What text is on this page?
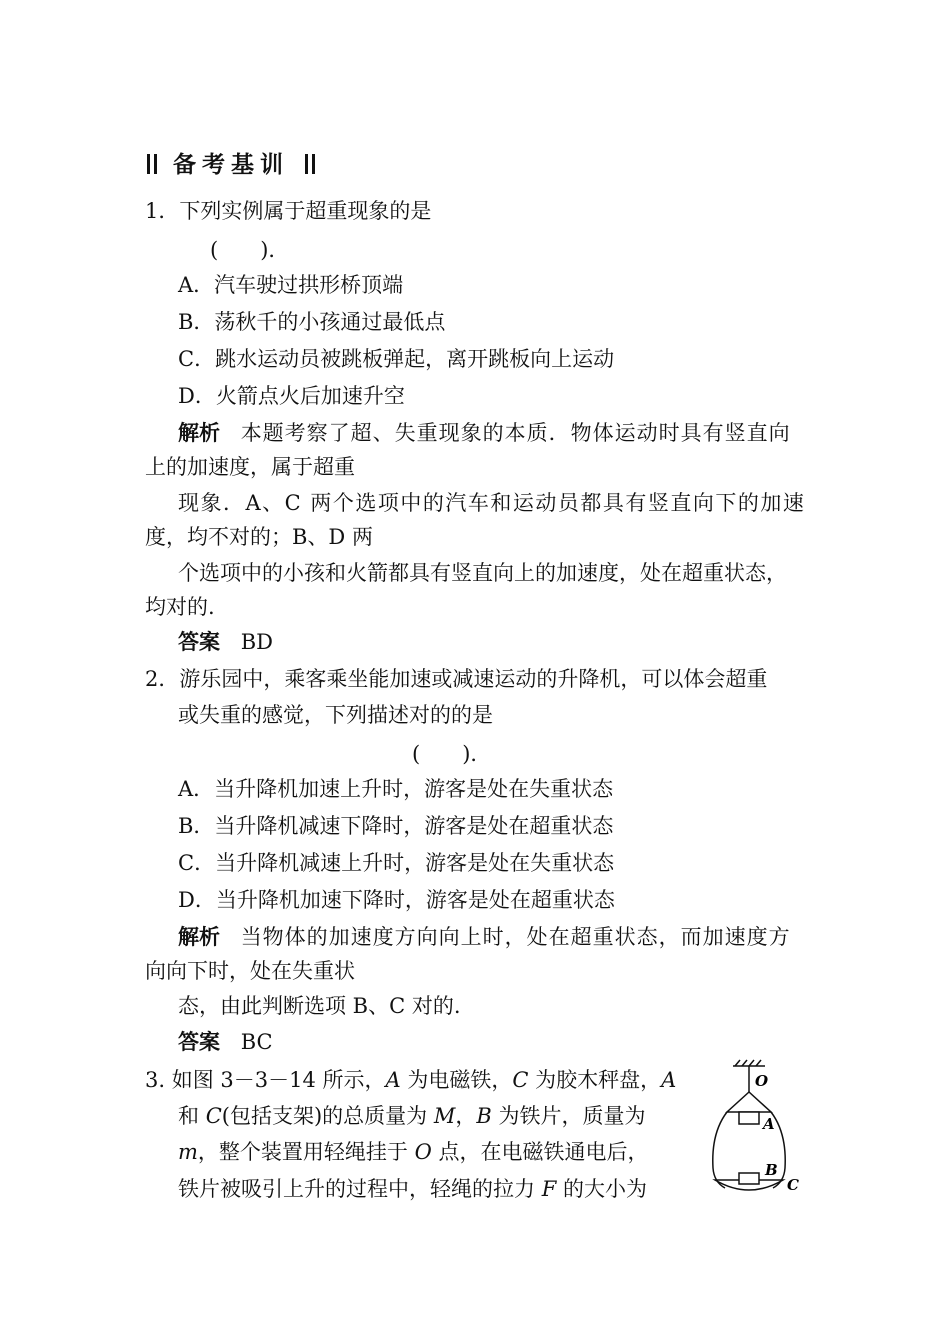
备考基训
1．下列实例属于超重现象的是
(　　)．
A．汽车驶过拱形桥顶端
B．荡秋千的小孩通过最低点
C．跳水运动员被跳板弹起，离开跳板向上运动
D．火箭点火后加速升空
解析 本题考察了超、失重现象的本质．物体运动时具有竖直向
上的加速度，属于超重
现象．A、C 两个选项中的汽车和运动员都具有竖直向下的加速
度，均不对的；B、D 两
个选项中的小孩和火箭都具有竖直向上的加速度，处在超重状态，
均对的.
答案 BD
2．游乐园中，乘客乘坐能加速或减速运动的升降机，可以体会超重
或失重的感觉，下列描述对的的是
(　　)．
A．当升降机加速上升时，游客是处在失重状态
B．当升降机减速下降时，游客是处在超重状态
C．当升降机减速上升时，游客是处在失重状态
D．当升降机加速下降时，游客是处在超重状态
解析 当物体的加速度方向向上时，处在超重状态，而加速度方
向向下时，处在失重状
态，由此判断选项 B、C 对的.
答案 BC
3. 如图 3－3－14 所示，A 为电磁铁，C 为胶木秤盘，A
和 C(包括支架)的总质量为 M，B 为铁片，质量为
m，整个装置用轻绳挂于 O 点，在电磁铁通电后，
铁片被吸引上升的过程中，轻绳的拉力 F 的大小为
O
A
B
C
